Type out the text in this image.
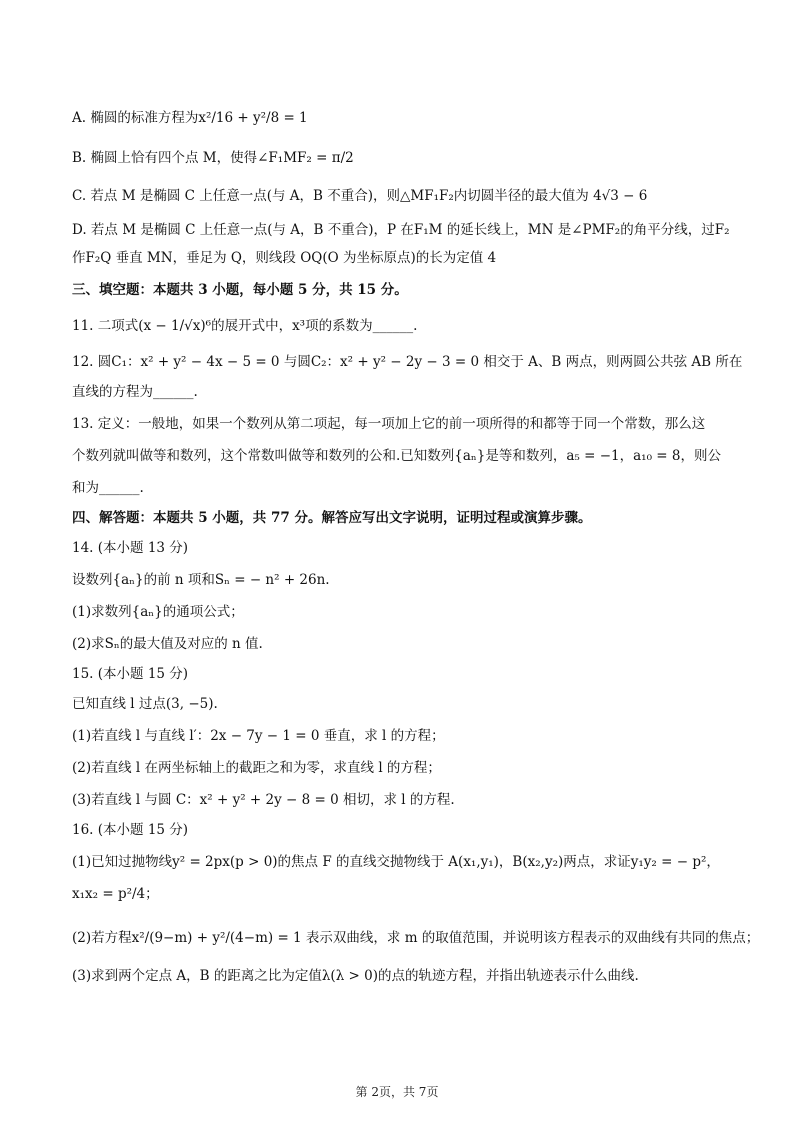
A. 椭圆的标准方程为x²/16 + y²/8 = 1
B. 椭圆上恰有四个点 M，使得∠F₁MF₂ = π/2
C. 若点 M 是椭圆 C 上任意一点(与 A，B 不重合)，则△MF₁F₂内切圆半径的最大值为 4√3 − 6
D. 若点 M 是椭圆 C 上任意一点(与 A，B 不重合)，P 在F₁M 的延长线上，MN 是∠PMF₂的角平分线，过F₂
作F₂Q 垂直 MN，垂足为 Q，则线段 OQ(O 为坐标原点)的长为定值 4
三、填空题：本题共 3 小题，每小题 5 分，共 15 分。
11. 二项式(x − 1/√x)⁶的展开式中，x³项的系数为______.
12. 圆C₁：x² + y² − 4x − 5 = 0 与圆C₂：x² + y² − 2y − 3 = 0 相交于 A、B 两点，则两圆公共弦 AB 所在
直线的方程为______.
13. 定义：一般地，如果一个数列从第二项起，每一项加上它的前一项所得的和都等于同一个常数，那么这
个数列就叫做等和数列，这个常数叫做等和数列的公和.已知数列{aₙ}是等和数列，a₅ = −1，a₁₀ = 8，则公
和为______.
四、解答题：本题共 5 小题，共 77 分。解答应写出文字说明，证明过程或演算步骤。
14. (本小题 13 分)
设数列{aₙ}的前 n 项和Sₙ = − n² + 26n.
(1)求数列{aₙ}的通项公式；
(2)求Sₙ的最大值及对应的 n 值.
15. (本小题 15 分)
已知直线 l 过点(3, −5).
(1)若直线 l 与直线 l′：2x − 7y − 1 = 0 垂直，求 l 的方程；
(2)若直线 l 在两坐标轴上的截距之和为零，求直线 l 的方程；
(3)若直线 l 与圆 C：x² + y² + 2y − 8 = 0 相切，求 l 的方程.
16. (本小题 15 分)
(1)已知过抛物线y² = 2px(p > 0)的焦点 F 的直线交抛物线于 A(x₁,y₁)，B(x₂,y₂)两点，求证y₁y₂ = − p²，
x₁x₂ = p²/4；
(2)若方程x²/(9−m) + y²/(4−m) = 1 表示双曲线，求 m 的取值范围，并说明该方程表示的双曲线有共同的焦点；
(3)求到两个定点 A，B 的距离之比为定值λ(λ > 0)的点的轨迹方程，并指出轨迹表示什么曲线.
第 2页，共 7页
